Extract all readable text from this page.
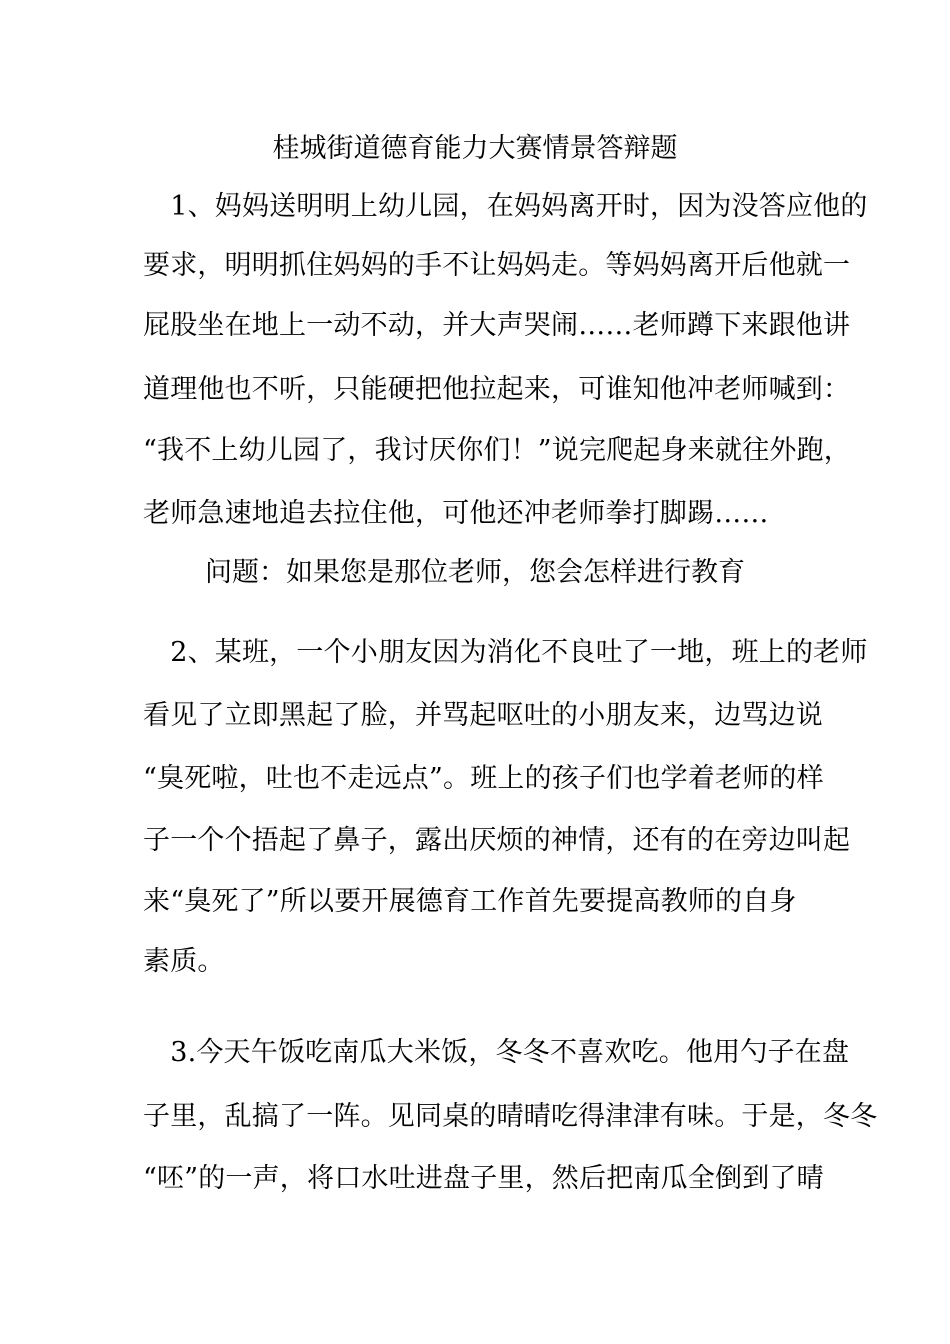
桂城街道德育能力大赛情景答辩题
　1、妈妈送明明上幼儿园，在妈妈离开时，因为没答应他的
要求，明明抓住妈妈的手不让妈妈走。等妈妈离开后他就一
屁股坐在地上一动不动，并大声哭闹……老师蹲下来跟他讲
道理他也不听，只能硬把他拉起来，可谁知他冲老师喊到：
“我不上幼儿园了，我讨厌你们！”说完爬起身来就往外跑，
老师急速地追去拉住他，可他还冲老师拳打脚踢……
问题：如果您是那位老师，您会怎样进行教育
　2、某班，一个小朋友因为消化不良吐了一地，班上的老师
看见了立即黑起了脸，并骂起呕吐的小朋友来，边骂边说
“臭死啦，吐也不走远点”。班上的孩子们也学着老师的样
子一个个捂起了鼻子，露出厌烦的神情，还有的在旁边叫起
来“臭死了”所以要开展德育工作首先要提高教师的自身
素质。
　3.今天午饭吃南瓜大米饭，冬冬不喜欢吃。他用勺子在盘
子里，乱搞了一阵。见同桌的晴晴吃得津津有味。于是，冬冬
“呸”的一声，将口水吐进盘子里，然后把南瓜全倒到了晴
